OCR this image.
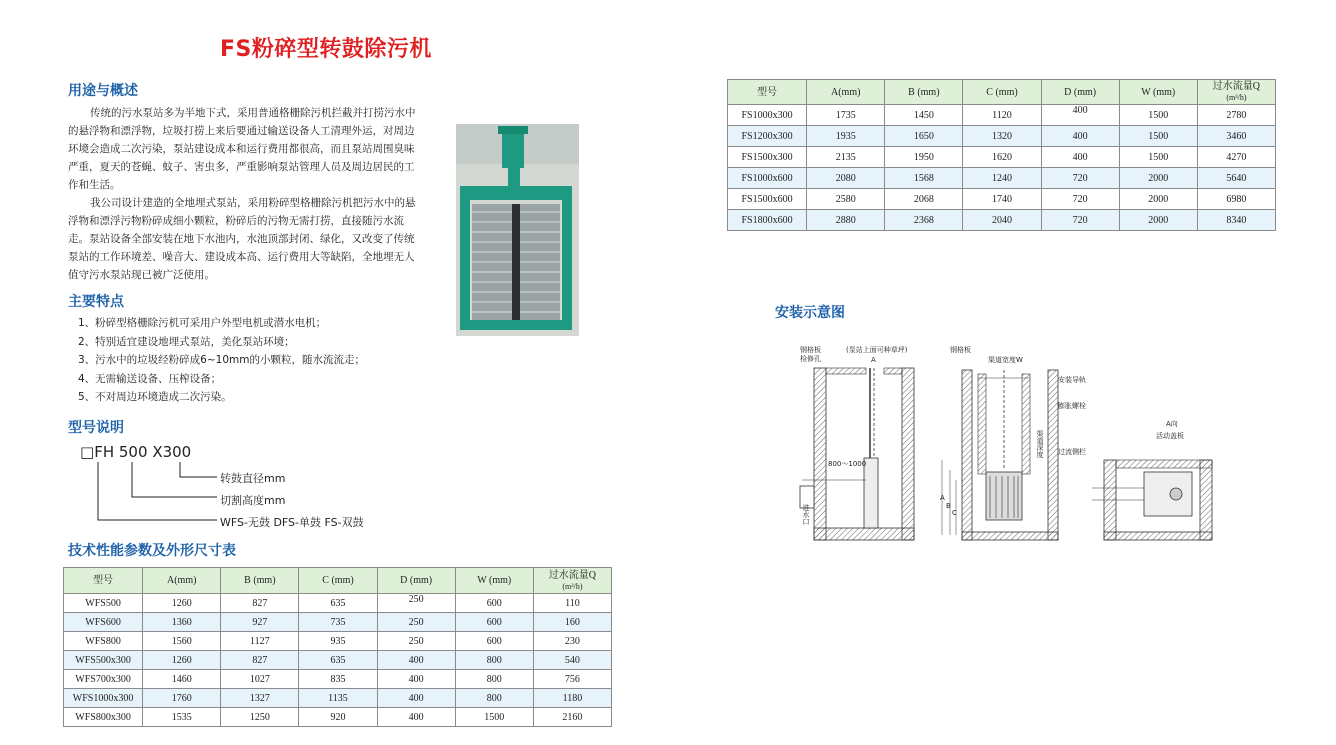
FS粉碎型转鼓除污机
用途与概述

传统的污水泵站多为半地下式，采用普通格栅除污机拦截并打捞污水中的悬浮物和漂浮物，垃圾打捞上来后要通过输送设备人工清理外运，对周边环境会造成二次污染，泵站建设成本和运行费用都很高，而且泵站周围臭味严重，夏天的苍蝇、蚊子、害虫多，严重影响泵站管理人员及周边居民的工作和生活。

我公司设计建造的全地埋式泵站，采用粉碎型格栅除污机把污水中的悬浮物和漂浮污物粉碎成细小颗粒，粉碎后的污物无需打捞，直接随污水流走。泵站设备全部安装在地下水池内，水池顶部封闭、绿化，又改变了传统泵站的工作环境差、噪音大、建设成本高、运行费用大等缺陷，全地埋无人值守污水泵站现已被广泛使用。

主要特点
1、粉碎型格栅除污机可采用户外型电机或潜水电机；
2、特别适宜建设地埋式泵站，美化泵站环境；
3、污水中的垃圾经粉碎成6~10mm的小颗粒，随水流流走；
4、无需输送设备、压榨设备；
5、不对周边环境造成二次污染。
型号说明
□FH 500 X300
转鼓直径mm
切割高度mm
WFS-无鼓 DFS-单鼓 FS-双鼓
技术性能参数及外形尺寸表
型号	A(mm)	B (mm)	C (mm)	D (mm)	W (mm)	过水流量Q
(m³/h)

WFS500	1260	827	635	250	600	110
WFS600	1360	927	735	250	600	160
WFS800	1560	1127	935	250	600	230
WFS500x300	1260	827	635	400	800	540
WFS700x300	1460	1027	835	400	800	756
WFS1000x300	1760	1327	1135	400	800	1180
WFS800x300	1535	1250	920	400	1500	2160
型号	A(mm)	B (mm)	C (mm)	D (mm)	W (mm)	过水流量Q
(m³/h)

FS1000x300	1735	1450	1120	400	1500	2780
FS1200x300	1935	1650	1320	400	1500	3460
FS1500x300	2135	1950	1620	400	1500	4270
FS1000x600	2080	1568	1240	720	2000	5640
FS1500x600	2580	2068	1740	720	2000	6980
FS1800x600	2880	2368	2040	720	2000	8340
安装示意图
进水口
钢格板
检修孔
(泵站上面可种草坪)
A
800～1000
A
B
C
钢格板
渠道宽度W
安装导轨
膨胀螺栓
过流侧栏
渠道深度
A向
活动盖板
